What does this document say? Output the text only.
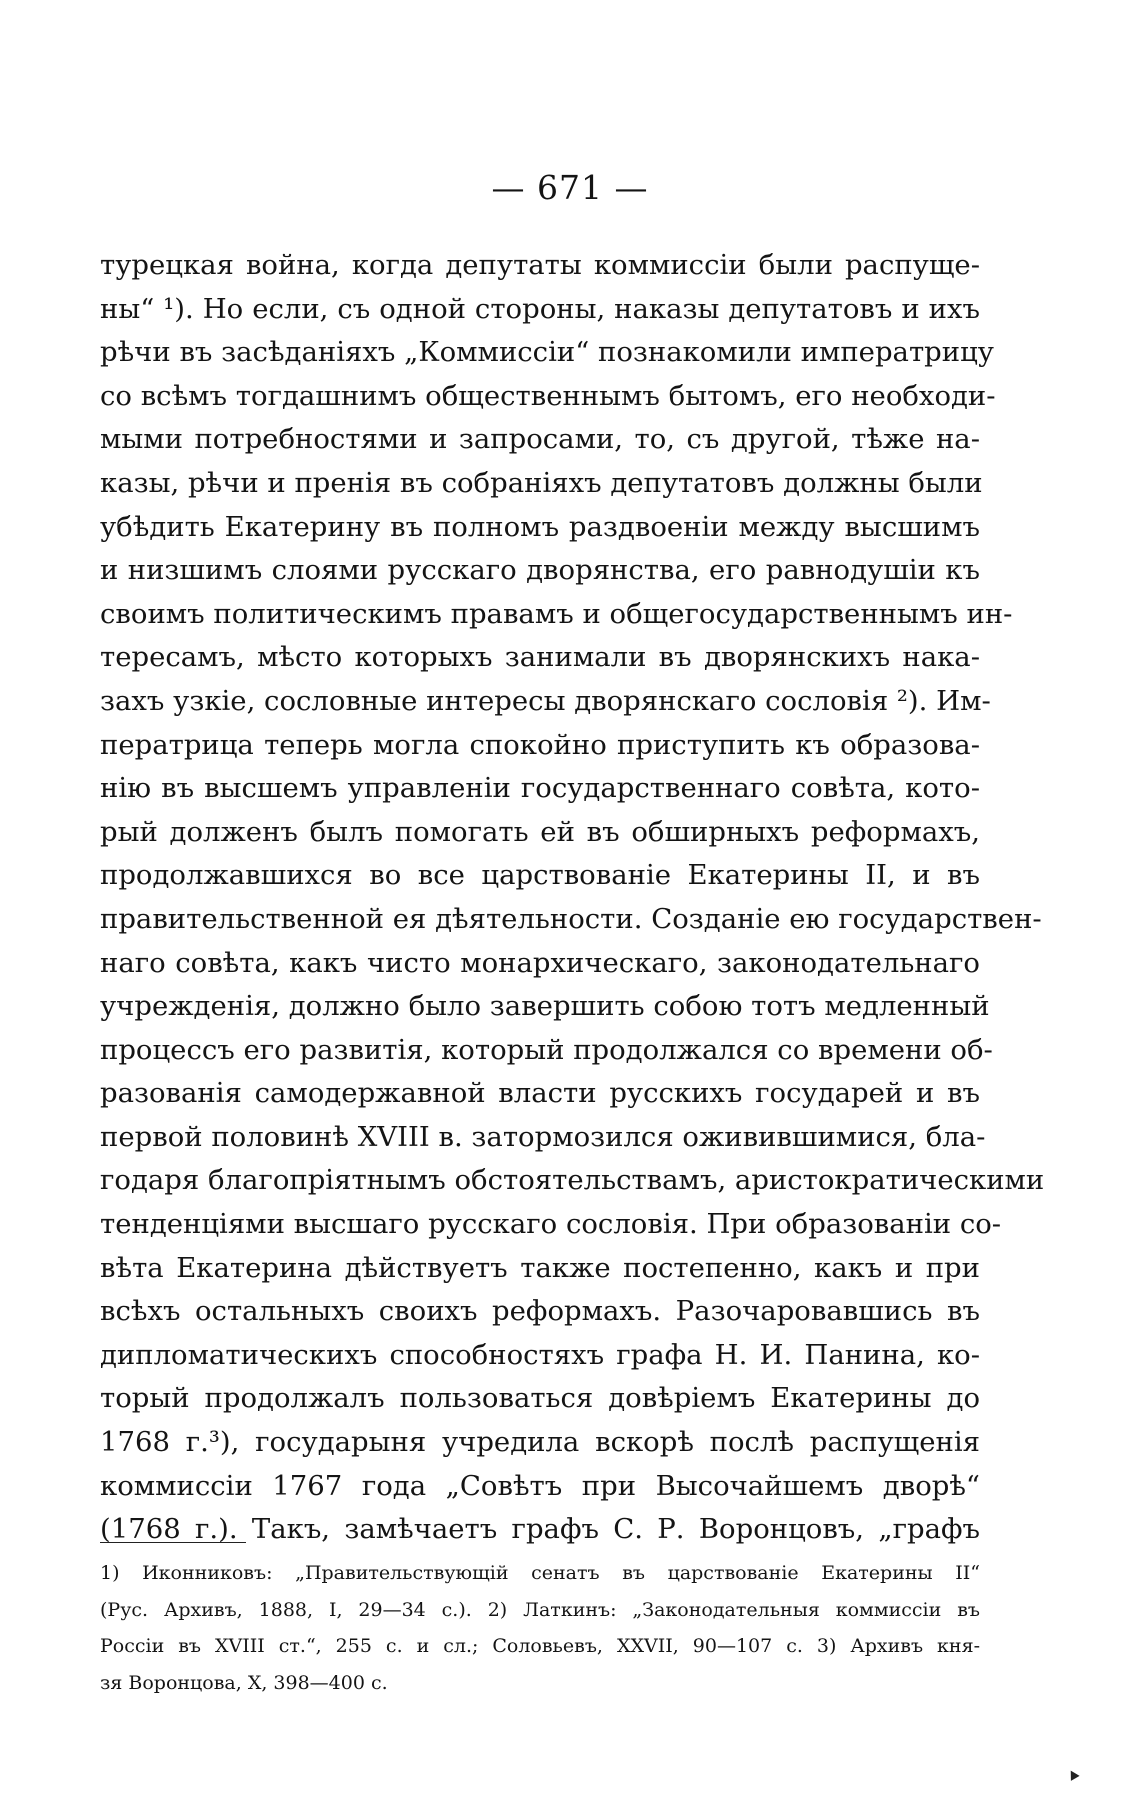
— 671 —
турецкая война, когда депутаты коммиссiи были распуще-
ны“ ¹). Но если, съ одной стороны, наказы депутатовъ и ихъ
рѣчи въ засѣданiяхъ „Коммиссiи“ познакомили императрицу
со всѣмъ тогдашнимъ общественнымъ бытомъ, его необходи-
мыми потребностями и запросами, то, съ другой, тѣже на-
казы, рѣчи и пренiя въ собранiяхъ депутатовъ должны были
убѣдить Екатерину въ полномъ раздвоенiи между высшимъ
и низшимъ слоями русскаго дворянства, его равнодушiи къ
своимъ политическимъ правамъ и общегосударственнымъ ин-
тересамъ, мѣсто которыхъ занимали въ дворянскихъ нака-
захъ узкiе, сословные интересы дворянскаго сословiя ²). Им-
ператрица теперь могла спокойно приступить къ образова-
нiю въ высшемъ управленiи государственнаго совѣта, кото-
рый долженъ былъ помогать ей въ обширныхъ реформахъ,
продолжавшихся во все царствованiе Екатерины II, и въ
правительственной ея дѣятельности. Созданiе ею государствен-
наго совѣта, какъ чисто монархическаго, законодательнаго
учрежденiя, должно было завершить собою тотъ медленный
процессъ его развитiя, который продолжался со времени об-
разованiя самодержавной власти русскихъ государей и въ
первой половинѣ XVIII в. затормозился оживившимися, бла-
годаря благопрiятнымъ обстоятельствамъ, аристократическими
тенденцiями высшаго русскаго сословiя. При образованiи со-
вѣта Екатерина дѣйствуетъ также постепенно, какъ и при
всѣхъ остальныхъ своихъ реформахъ. Разочаровавшись въ
дипломатическихъ способностяхъ графа Н. И. Панина, ко-
торый продолжалъ пользоваться довѣрiемъ Екатерины до
1768 г.³), государыня учредила вскорѣ послѣ распущенiя
коммиссiи 1767 года „Совѣтъ при Высочайшемъ дворѣ“
(1768 г.). Такъ, замѣчаетъ графъ С. Р. Воронцовъ, „графъ
1) Иконниковъ: „Правительствующiй сенатъ въ царствованiе Екатерины II“
(Рус. Архивъ, 1888, I, 29—34 с.). 2) Латкинъ: „Законодательныя коммиссiи въ
Россiи въ XVIII ст.“, 255 с. и сл.; Соловьевъ, XXVII, 90—107 с. 3) Архивъ кня-
зя Воронцова, X, 398—400 с.
